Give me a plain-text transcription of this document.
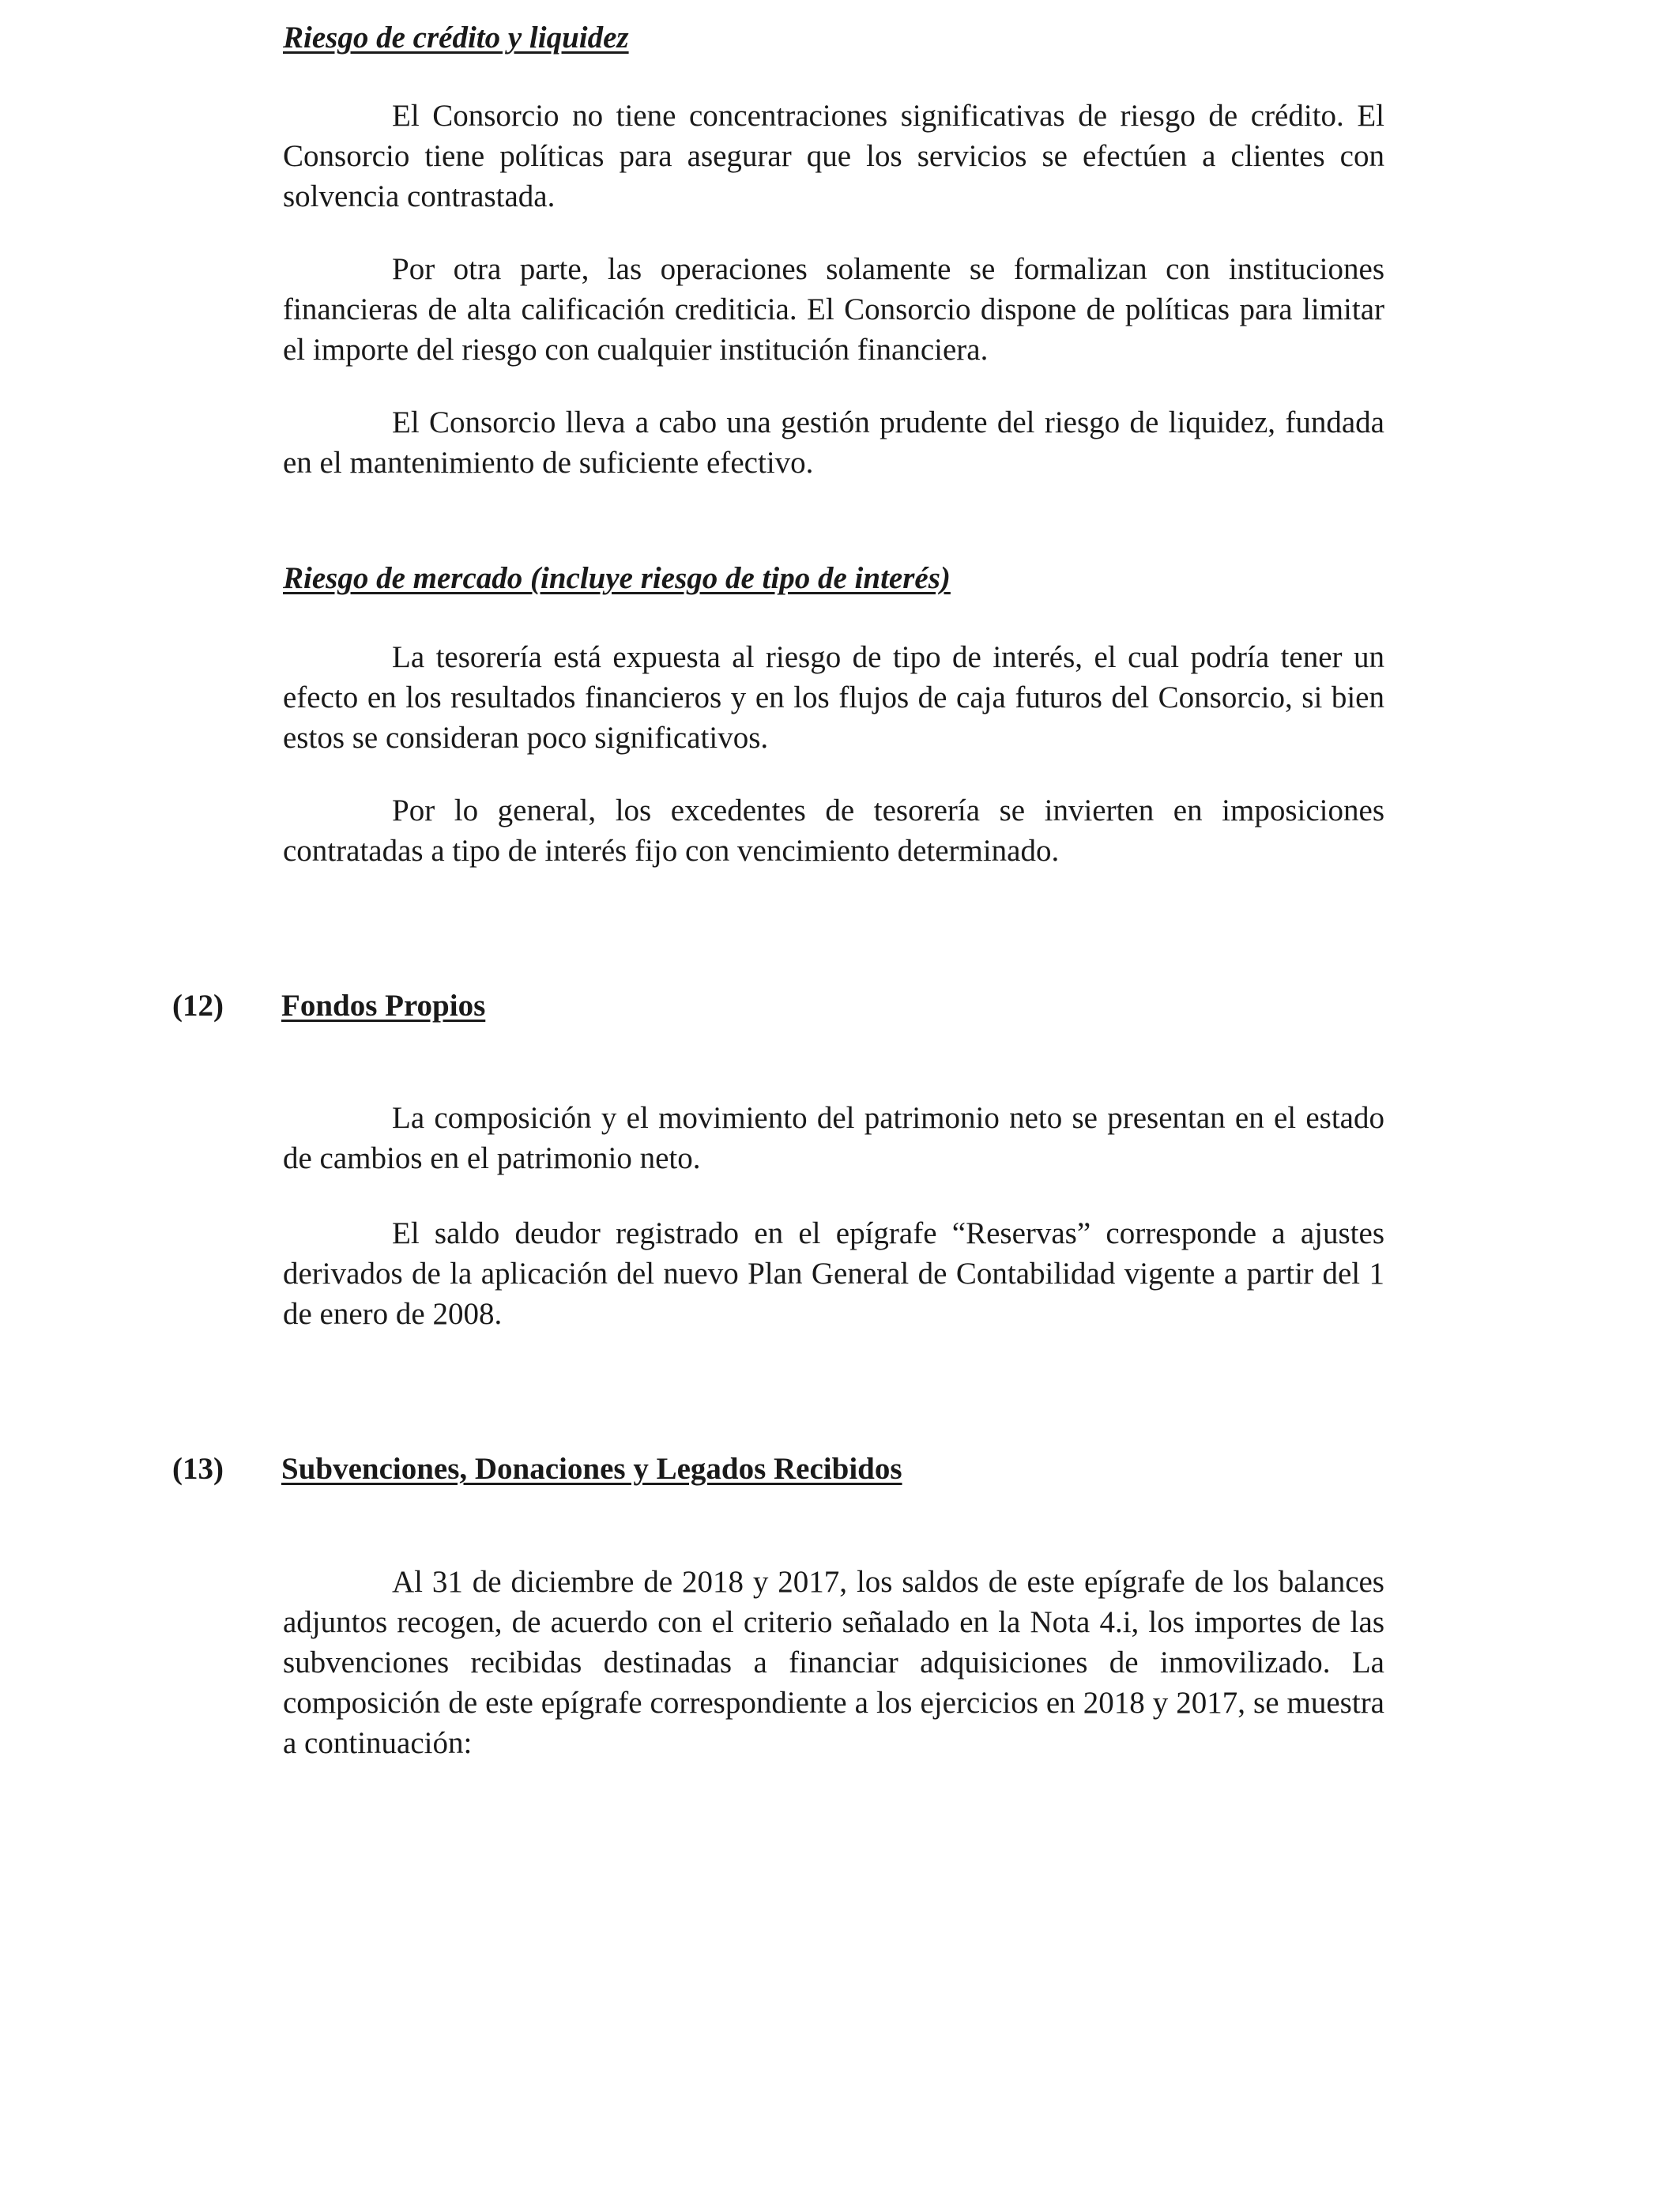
Riesgo de crédito y liquidez

El Consorcio no tiene concentraciones significativas de riesgo de crédito. El Consorcio tiene políticas para asegurar que los servicios se efectúen a clientes con solvencia contrastada.

Por otra parte, las operaciones solamente se formalizan con instituciones financieras de alta calificación crediticia. El Consorcio dispone de políticas para limitar el importe del riesgo con cualquier institución financiera.

El Consorcio lleva a cabo una gestión prudente del riesgo de liquidez, fundada en el mantenimiento de suficiente efectivo.

Riesgo de mercado (incluye riesgo de tipo de interés)

La tesorería está expuesta al riesgo de tipo de interés, el cual podría tener un efecto en los resultados financieros y en los flujos de caja futuros del Consorcio, si bien estos se consideran poco significativos.

Por lo general, los excedentes de tesorería se invierten en imposiciones contratadas a tipo de interés fijo con vencimiento determinado.

(12) Fondos Propios

La composición y el movimiento del patrimonio neto se presentan en el estado de cambios en el patrimonio neto.

El saldo deudor registrado en el epígrafe “Reservas” corresponde a ajustes derivados de la aplicación del nuevo Plan General de Contabilidad vigente a partir del 1 de enero de 2008.

(13) Subvenciones, Donaciones y Legados Recibidos

Al 31 de diciembre de 2018 y 2017, los saldos de este epígrafe de los balances adjuntos recogen, de acuerdo con el criterio señalado en la Nota 4.i, los importes de las subvenciones recibidas destinadas a financiar adquisiciones de inmovilizado. La composición de este epígrafe correspondiente a los ejercicios en 2018 y 2017, se muestra a continuación:
